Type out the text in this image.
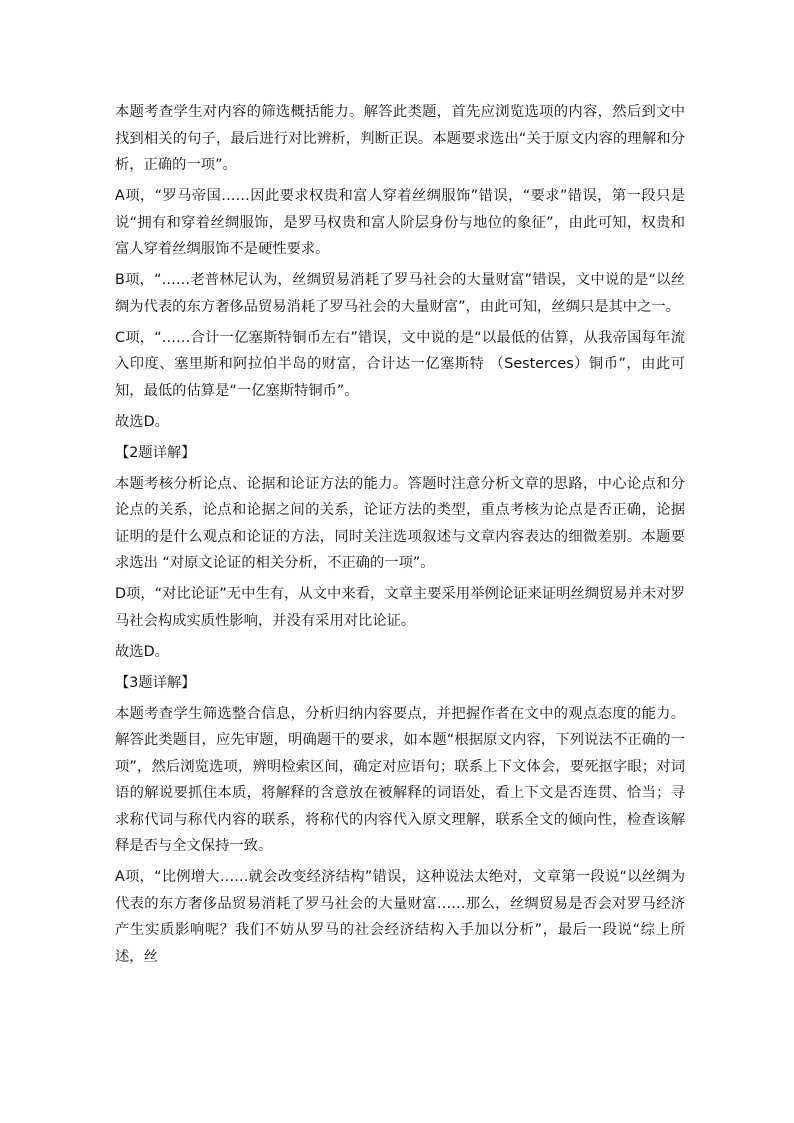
本题考查学生对内容的筛选概括能力。解答此类题，首先应浏览选项的内容，然后到文中找到相关的句子，最后进行对比辨析，判断正误。本题要求选出“关于原文内容的理解和分析，正确的一项”。

A项，“罗马帝国……因此要求权贵和富人穿着丝绸服饰”错误，“要求”错误，第一段只是说“拥有和穿着丝绸服饰，是罗马权贵和富人阶层身份与地位的象征”，由此可知，权贵和富人穿着丝绸服饰不是硬性要求。

B项，“……老普林尼认为，丝绸贸易消耗了罗马社会的大量财富”错误，文中说的是“以丝绸为代表的东方奢侈品贸易消耗了罗马社会的大量财富”，由此可知，丝绸只是其中之一。

C项，“……合计一亿塞斯特铜币左右”错误，文中说的是“以最低的估算，从我帝国每年流入印度、塞里斯和阿拉伯半岛的财富，合计达一亿塞斯特 （Sesterces）铜币”，由此可知，最低的估算是“一亿塞斯特铜币”。

故选D。

【2题详解】

本题考核分析论点、论据和论证方法的能力。答题时注意分析文章的思路，中心论点和分论点的关系，论点和论据之间的关系，论证方法的类型，重点考核为论点是否正确，论据证明的是什么观点和论证的方法，同时关注选项叙述与文章内容表达的细微差别。本题要求选出 “对原文论证的相关分析，不正确的一项”。

D项，“对比论证”无中生有，从文中来看，文章主要采用举例论证来证明丝绸贸易并未对罗马社会构成实质性影响，并没有采用对比论证。

故选D。

【3题详解】

本题考查学生筛选整合信息，分析归纳内容要点，并把握作者在文中的观点态度的能力。解答此类题目，应先审题，明确题干的要求，如本题“根据原文内容，下列说法不正确的一项”，然后浏览选项，辨明检索区间，确定对应语句；联系上下文体会，要死抠字眼；对词语的解说要抓住本质，将解释的含意放在被解释的词语处，看上下文是否连贯、恰当；寻求称代词与称代内容的联系，将称代的内容代入原文理解，联系全文的倾向性，检查该解释是否与全文保持一致。

A项，“比例增大……就会改变经济结构”错误，这种说法太绝对，文章第一段说“以丝绸为代表的东方奢侈品贸易消耗了罗马社会的大量财富……那么，丝绸贸易是否会对罗马经济产生实质影响呢？我们不妨从罗马的社会经济结构入手加以分析”，最后一段说“综上所述，丝
